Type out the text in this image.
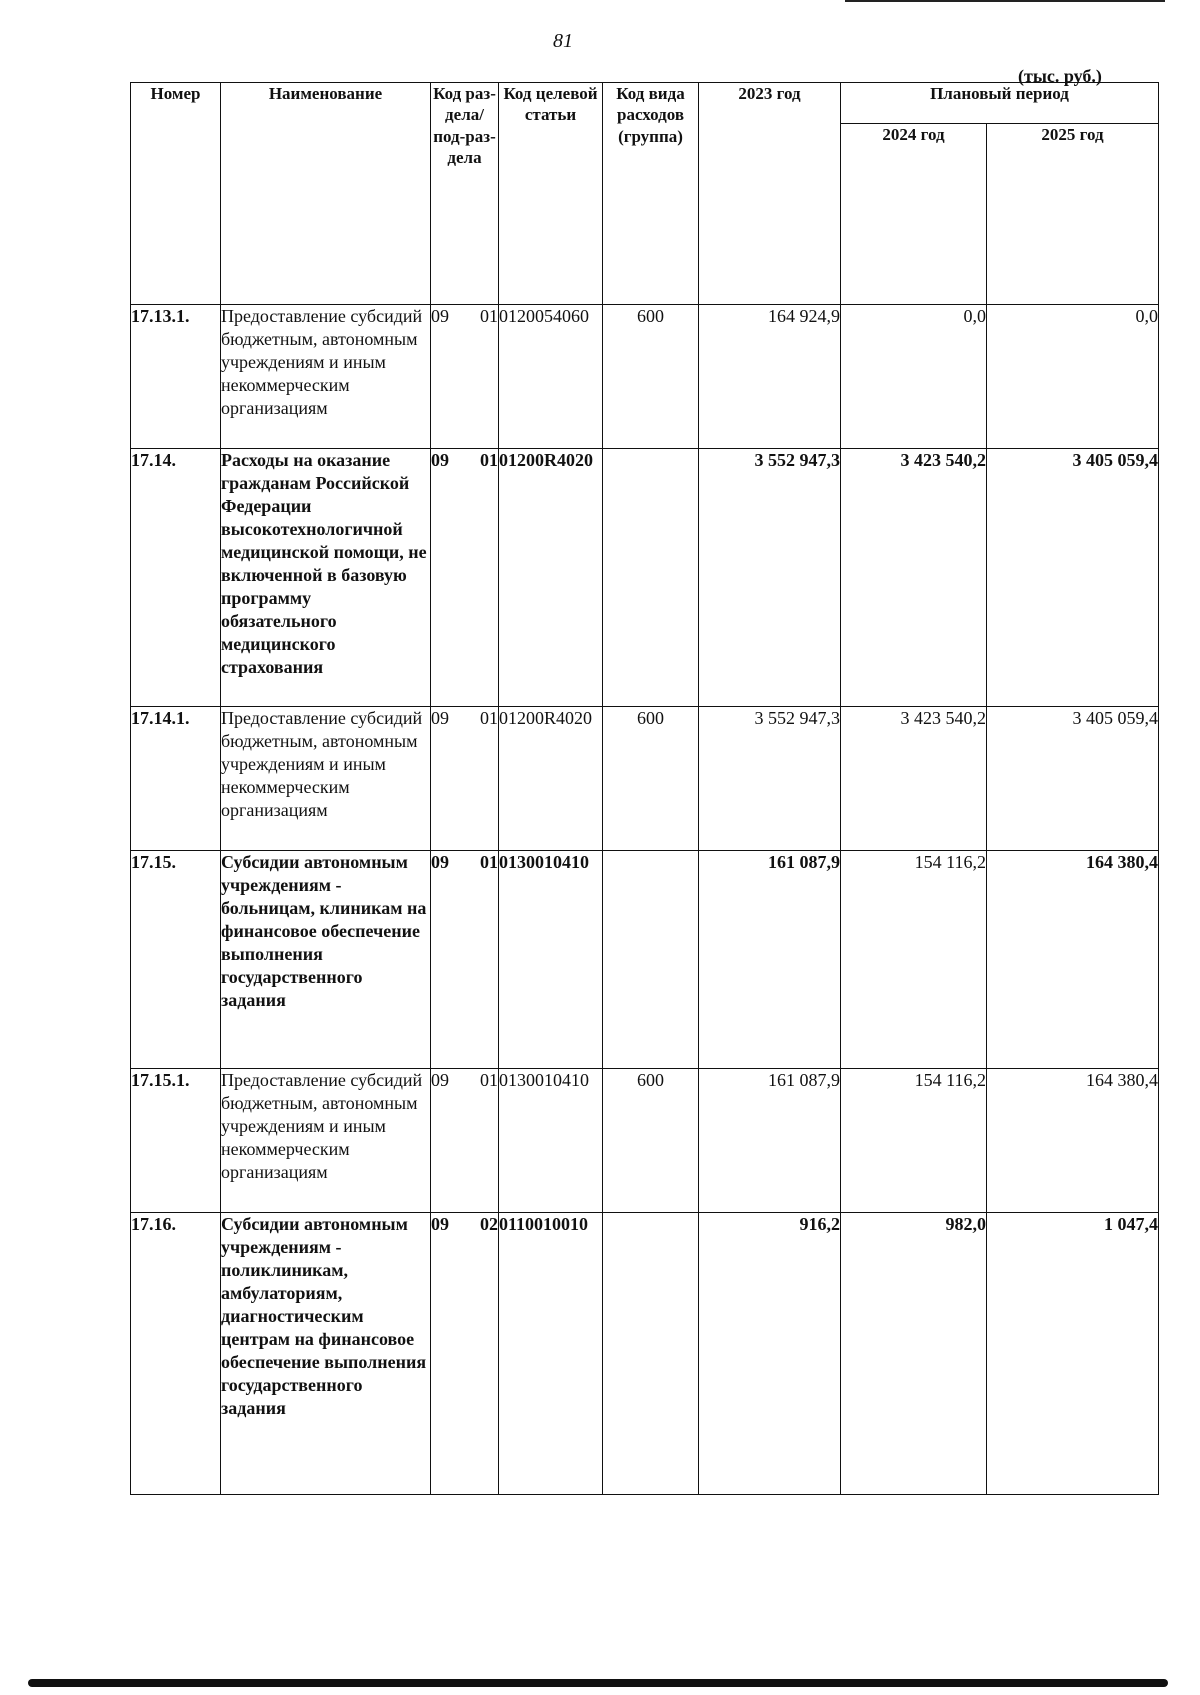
81
(тыс. руб.)
Номер	Наименование	Код раз-дела/ под-раз-дела	Код целевой статьи	Код вида расходов (группа)	2023 год	Плановый период	
						2024 год	2025 год
17.13.1.	Предоставление субсидий бюджетным, автономным учреждениям и иным некоммерческим организациям	09 01	0120054060	600	164 924,9	0,0	0,0
17.14.	Расходы на оказание гражданам Российской Федерации высокотехнологичной медицинской помощи, не включенной в базовую программу обязательного медицинского страхования	09 01	01200R4020		3 552 947,3	3 423 540,2	3 405 059,4
17.14.1.	Предоставление субсидий бюджетным, автономным учреждениям и иным некоммерческим организациям	09 01	01200R4020	600	3 552 947,3	3 423 540,2	3 405 059,4
17.15.	Субсидии автономным учреждениям - больницам, клиникам на финансовое обеспечение выполнения государственного задания	09 01	0130010410		161 087,9	154 116,2	164 380,4
17.15.1.	Предоставление субсидий бюджетным, автономным учреждениям и иным некоммерческим организациям	09 01	0130010410	600	161 087,9	154 116,2	164 380,4
17.16.	Субсидии автономным учреждениям - поликлиникам, амбулаториям, диагностическим центрам на финансовое обеспечение выполнения государственного задания	09 02	0110010010		916,2	982,0	1 047,4
